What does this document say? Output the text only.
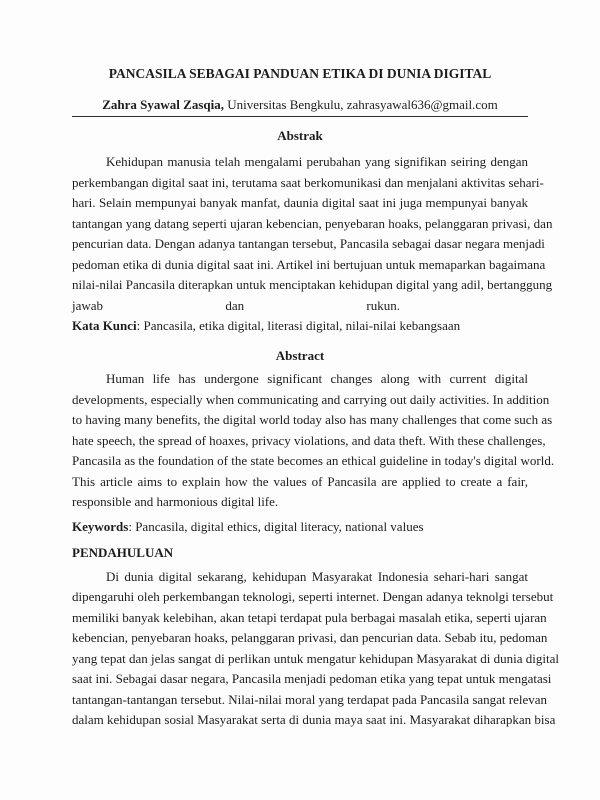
PANCASILA SEBAGAI PANDUAN ETIKA DI DUNIA DIGITAL

Zahra Syawal Zasqia, Universitas Bengkulu, zahrasyawal636@gmail.com
Abstrak
Kehidupan manusia telah mengalami perubahan yang signifikan seiring dengan
perkembangan digital saat ini, terutama saat berkomunikasi dan menjalani aktivitas sehari-
hari. Selain mempunyai banyak manfat, daunia digital saat ini juga mempunyai banyak
tantangan yang datang seperti ujaran kebencian, penyebaran hoaks, pelanggaran privasi, dan
pencurian data. Dengan adanya tantangan tersebut, Pancasila sebagai dasar negara menjadi
pedoman etika di dunia digital saat ini. Artikel ini bertujuan untuk memaparkan bagaimana
nilai-nilai Pancasila diterapkan untuk menciptakan kehidupan digital yang adil, bertanggung
jawab	dan	rukun.
Kata Kunci: Pancasila, etika digital, literasi digital, nilai-nilai kebangsaan
Abstract
Human life has undergone significant changes along with current digital
developments, especially when communicating and carrying out daily activities. In addition
to having many benefits, the digital world today also has many challenges that come such as
hate speech, the spread of hoaxes, privacy violations, and data theft. With these challenges,
Pancasila as the foundation of the state becomes an ethical guideline in today's digital world.
This article aims to explain how the values of Pancasila are applied to create a fair,
responsible and harmonious digital life.
Keywords: Pancasila, digital ethics, digital literacy, national values
PENDAHULUAN
Di dunia digital sekarang, kehidupan Masyarakat Indonesia sehari-hari sangat
dipengaruhi oleh perkembangan teknologi, seperti internet. Dengan adanya teknolgi tersebut
memiliki banyak kelebihan, akan tetapi terdapat pula berbagai masalah etika, seperti ujaran
kebencian, penyebaran hoaks, pelanggaran privasi, dan pencurian data. Sebab itu, pedoman
yang tepat dan jelas sangat di perlikan untuk mengatur kehidupan Masyarakat di dunia digital
saat ini. Sebagai dasar negara, Pancasila menjadi pedoman etika yang tepat untuk mengatasi
tantangan-tantangan tersebut. Nilai-nilai moral yang terdapat pada Pancasila sangat relevan
dalam kehidupan sosial Masyarakat serta di dunia maya saat ini. Masyarakat diharapkan bisa
